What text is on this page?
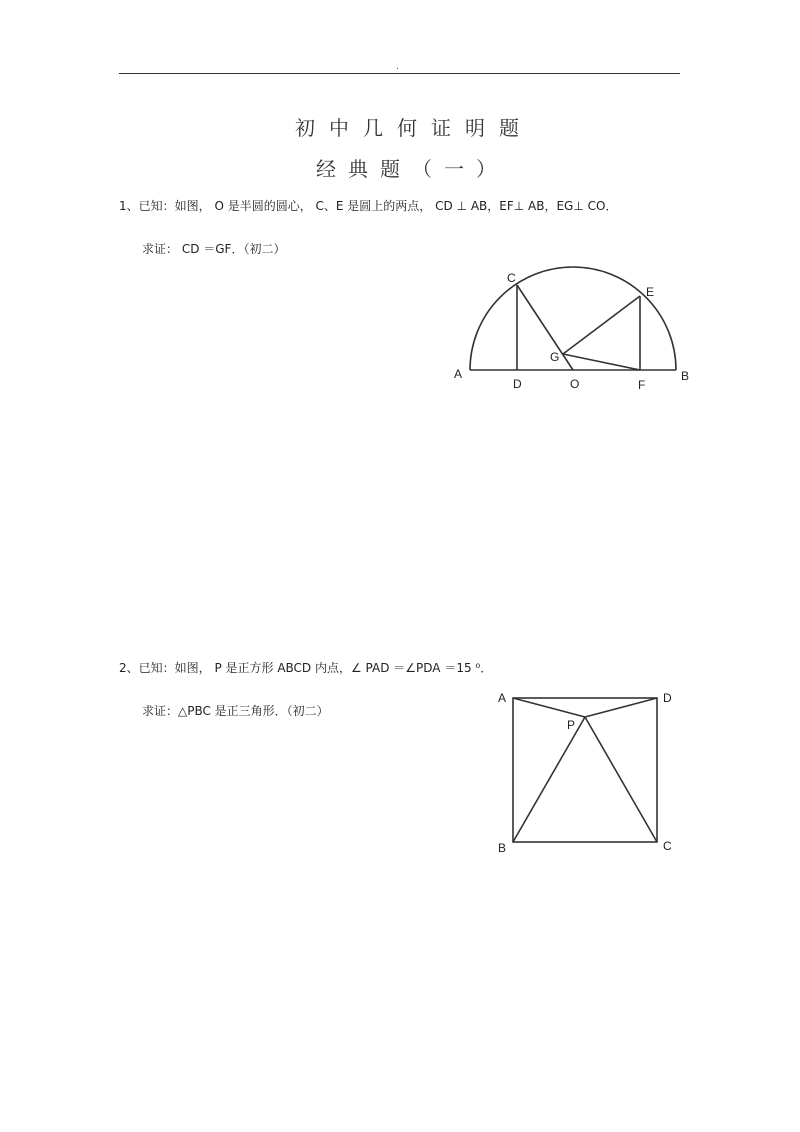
.
初中几何证明题
经典题（一）
1、已知：如图， O 是半圆的圆心， C、E 是圆上的两点， CD ⊥ AB，EF⊥ AB，EG⊥ CO．
求证： CD ＝GF．（初二）
C
E
G
A
D	O	F
B
2、已知：如图， P 是正方形 ABCD 内点，∠ PAD ＝∠PDA ＝15 ⁰．
求证：△PBC 是正三角形．（初二）
A	D
P
B	C
